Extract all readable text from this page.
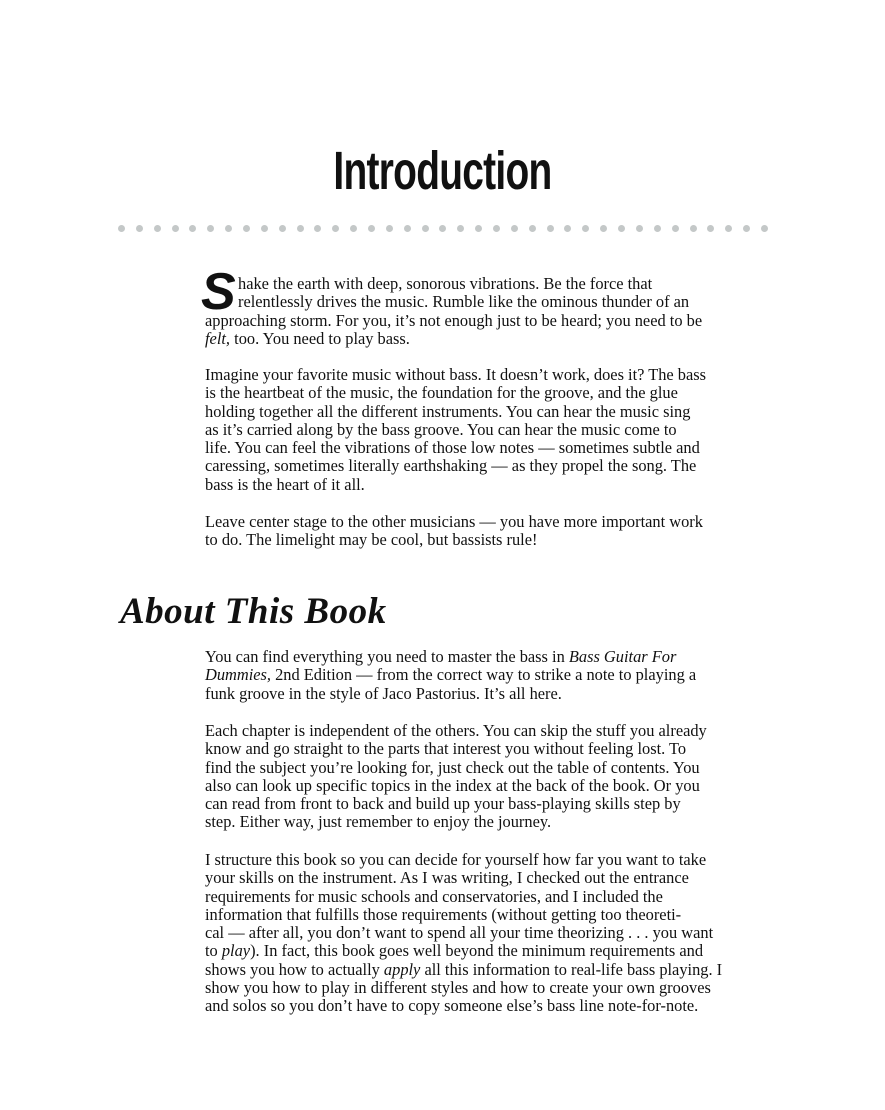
Introduction
S hake the earth with deep, sonorous vibrations. Be the force that
relentlessly drives the music. Rumble like the ominous thunder of an
approaching storm. For you, it’s not enough just to be heard; you need to be
felt, too. You need to play bass.
Imagine your favorite music without bass. It doesn’t work, does it? The bass
is the heartbeat of the music, the foundation for the groove, and the glue
holding together all the different instruments. You can hear the music sing
as it’s carried along by the bass groove. You can hear the music come to
life. You can feel the vibrations of those low notes — sometimes subtle and
caressing, sometimes literally earthshaking — as they propel the song. The
bass is the heart of it all.
Leave center stage to the other musicians — you have more important work
to do. The limelight may be cool, but bassists rule!
About This Book
You can find everything you need to master the bass in Bass Guitar For
Dummies, 2nd Edition — from the correct way to strike a note to playing a
funk groove in the style of Jaco Pastorius. It’s all here.
Each chapter is independent of the others. You can skip the stuff you already
know and go straight to the parts that interest you without feeling lost. To
find the subject you’re looking for, just check out the table of contents. You
also can look up specific topics in the index at the back of the book. Or you
can read from front to back and build up your bass-playing skills step by
step. Either way, just remember to enjoy the journey.
I structure this book so you can decide for yourself how far you want to take
your skills on the instrument. As I was writing, I checked out the entrance
requirements for music schools and conservatories, and I included the
information that fulfills those requirements (without getting too theoreti-
cal — after all, you don’t want to spend all your time theorizing . . . you want
to play). In fact, this book goes well beyond the minimum requirements and
shows you how to actually apply all this information to real-life bass playing. I
show you how to play in different styles and how to create your own grooves
and solos so you don’t have to copy someone else’s bass line note-for-note.
